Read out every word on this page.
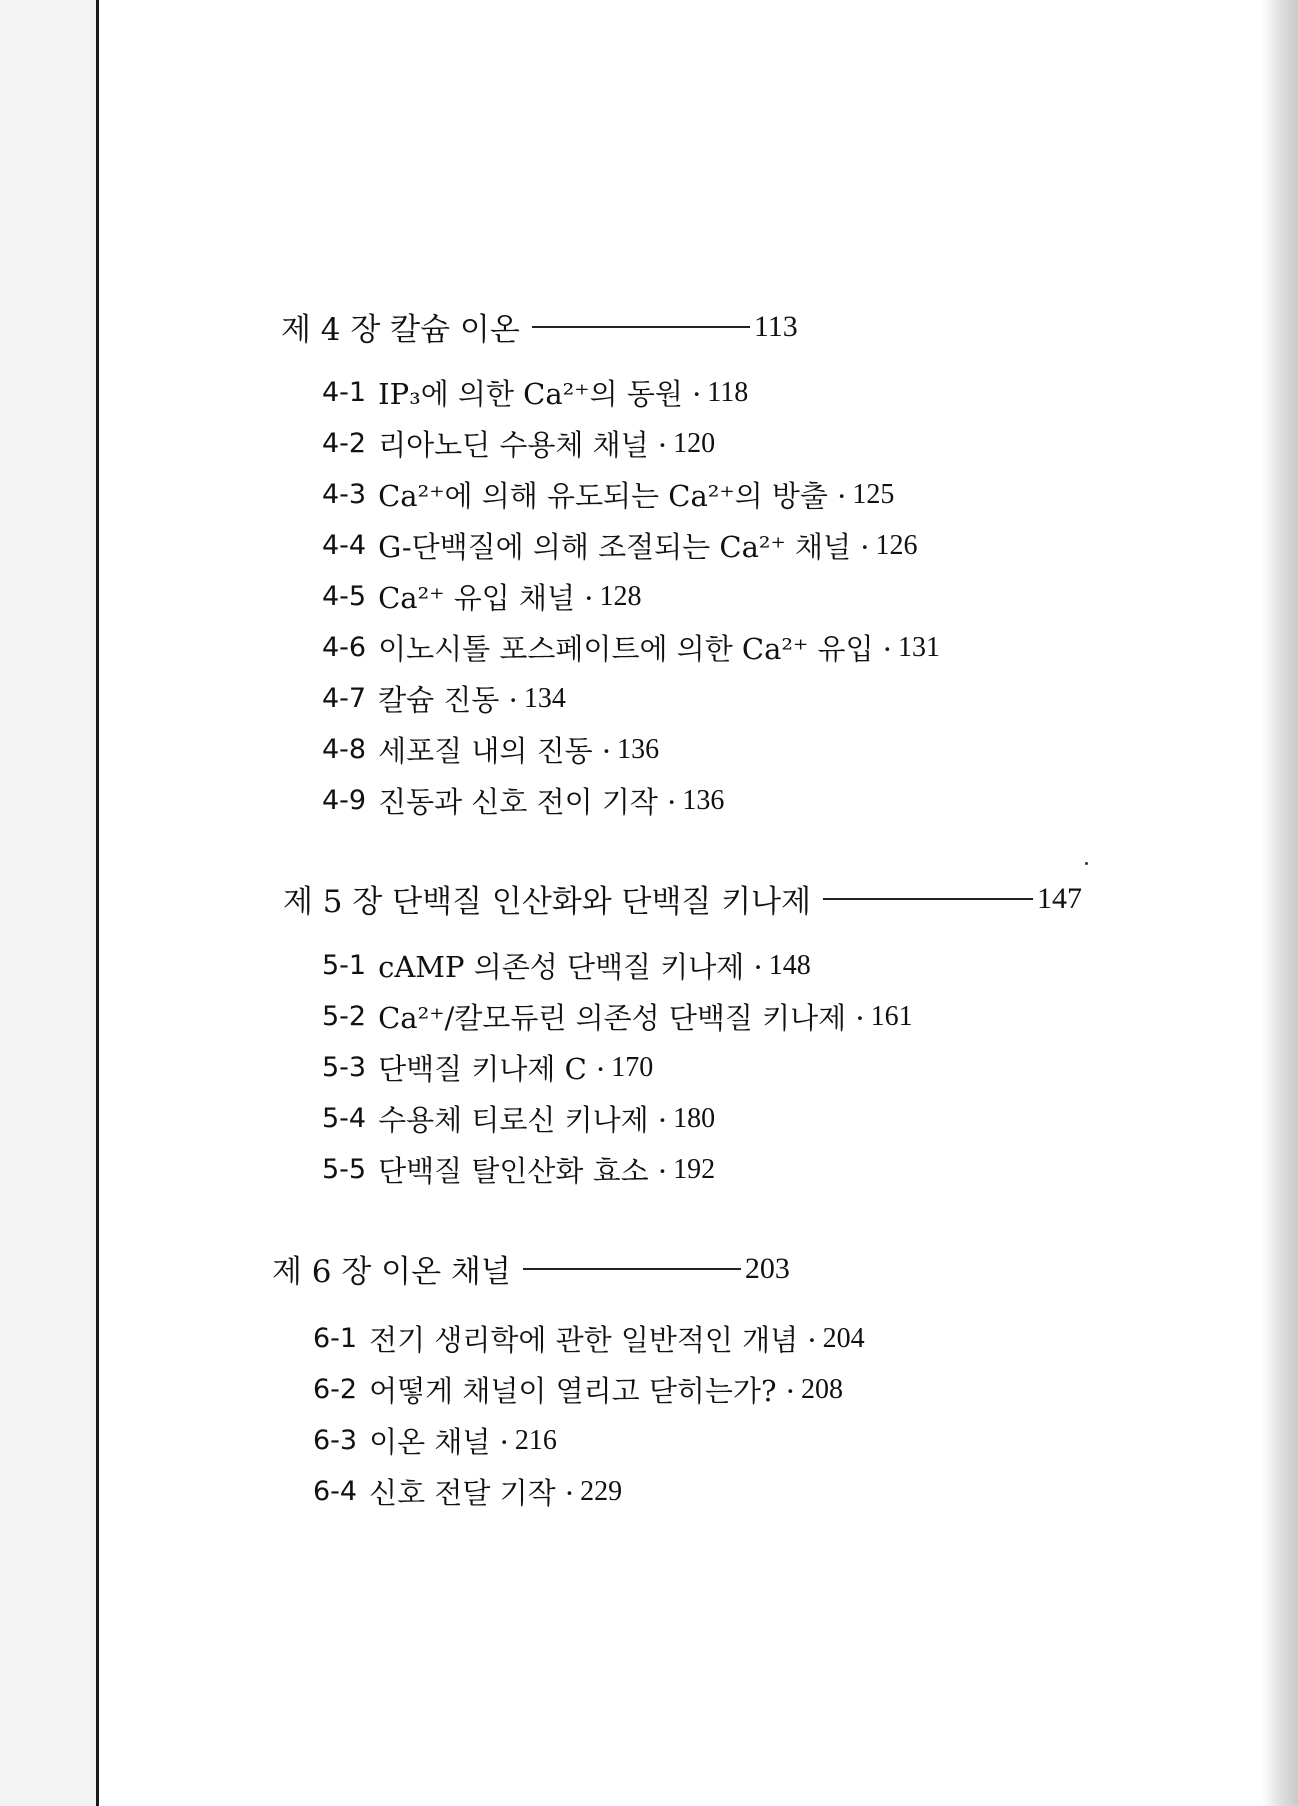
제 4 장 칼슘 이온	113
4-1 IP₃에 의한 Ca²⁺의 동원 · 118
4-2 리아노딘 수용체 채널 · 120
4-3 Ca²⁺에 의해 유도되는 Ca²⁺의 방출 · 125
4-4 G-단백질에 의해 조절되는 Ca²⁺ 채널 · 126
4-5 Ca²⁺ 유입 채널 · 128
4-6 이노시톨 포스페이트에 의한 Ca²⁺ 유입 · 131
4-7 칼슘 진동 · 134
4-8 세포질 내의 진동 · 136
4-9 진동과 신호 전이 기작 · 136
제 5 장 단백질 인산화와 단백질 키나제	147
5-1 cAMP 의존성 단백질 키나제 · 148
5-2 Ca²⁺/칼모듀린 의존성 단백질 키나제 · 161
5-3 단백질 키나제 C · 170
5-4 수용체 티로신 키나제 · 180
5-5 단백질 탈인산화 효소 · 192
제 6 장 이온 채널	203
6-1 전기 생리학에 관한 일반적인 개념 · 204
6-2 어떻게 채널이 열리고 닫히는가? · 208
6-3 이온 채널 · 216
6-4 신호 전달 기작 · 229
